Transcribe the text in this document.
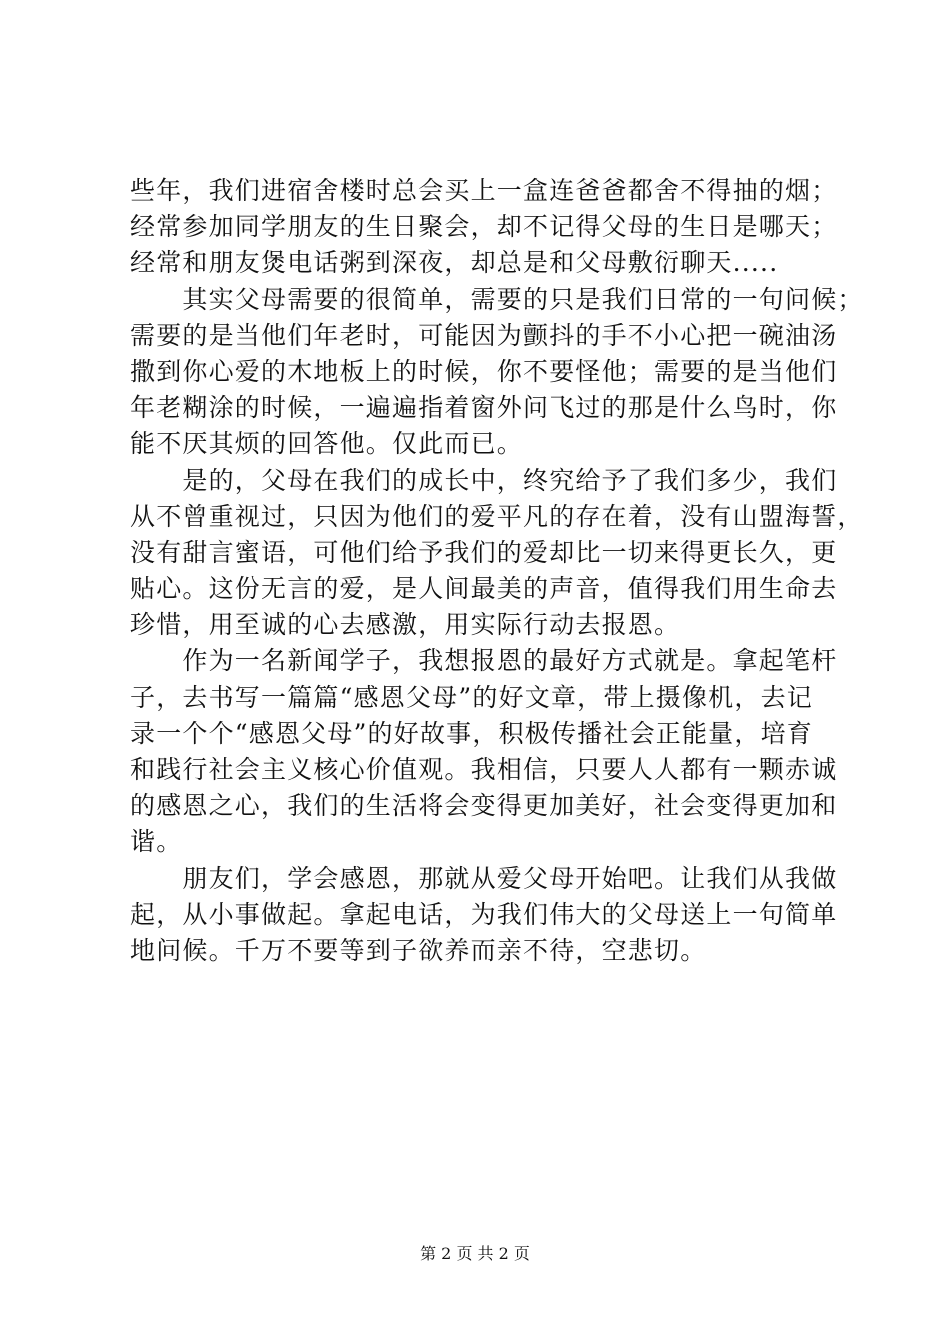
些年，我们进宿舍楼时总会买上一盒连爸爸都舍不得抽的烟；
经常参加同学朋友的生日聚会，却不记得父母的生日是哪天；
经常和朋友煲电话粥到深夜，却总是和父母敷衍聊天.....
　　其实父母需要的很简单，需要的只是我们日常的一句问候；
需要的是当他们年老时，可能因为颤抖的手不小心把一碗油汤
撒到你心爱的木地板上的时候，你不要怪他；需要的是当他们
年老糊涂的时候，一遍遍指着窗外问飞过的那是什么鸟时，你
能不厌其烦的回答他。仅此而已。
　　是的，父母在我们的成长中，终究给予了我们多少，我们
从不曾重视过，只因为他们的爱平凡的存在着，没有山盟海誓，
没有甜言蜜语，可他们给予我们的爱却比一切来得更长久，更
贴心。这份无言的爱，是人间最美的声音，值得我们用生命去
珍惜，用至诚的心去感激，用实际行动去报恩。
　　作为一名新闻学子，我想报恩的最好方式就是。拿起笔杆
子，去书写一篇篇“感恩父母”的好文章，带上摄像机，去记
录一个个“感恩父母”的好故事，积极传播社会正能量，培育
和践行社会主义核心价值观。我相信，只要人人都有一颗赤诚
的感恩之心，我们的生活将会变得更加美好，社会变得更加和
谐。
　　朋友们，学会感恩，那就从爱父母开始吧。让我们从我做
起，从小事做起。拿起电话，为我们伟大的父母送上一句简单
地问候。千万不要等到子欲养而亲不待，空悲切。
第 2 页 共 2 页
